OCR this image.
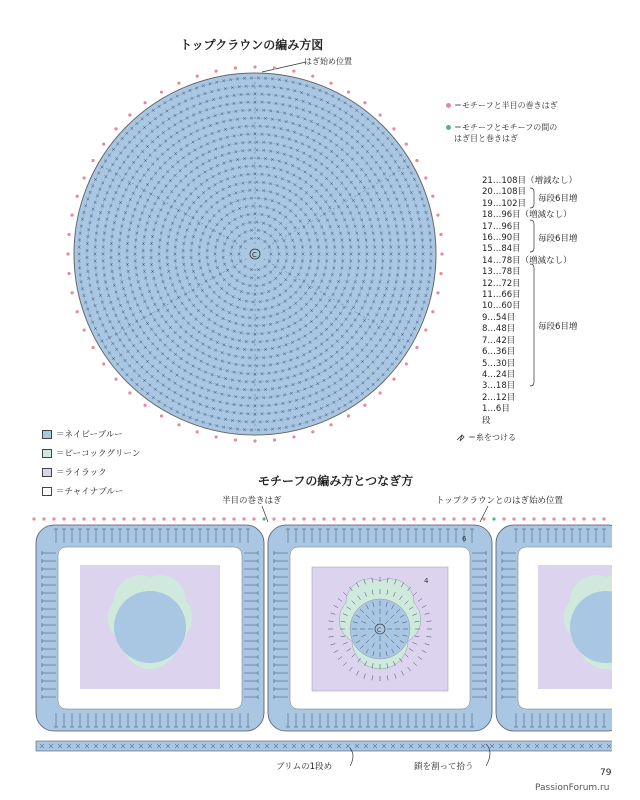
トップクラウンの編み方図
はぎ始め位置
C
＝モチーフと半目の巻きはぎ
＝モチーフとモチーフの間の
はぎ目と巻きはぎ
21…108目（増減なし）
20…108目
19…102目
18…96目（増減なし）
17…96目
16…90目
15…84目
14…78目（増減なし）
13…78目
12…72目
11…66目
10…60目
9…54目
8…48目
7…42目
6…36目
5…30目
4…24目
3…18目
2…12目
1…6目
段
毎段6目増
毎段6目増
毎段6目増
＝ネイビーブルー
＝ピーコックグリーン
＝ライラック
＝チャイナブルー
＝糸をつける
モチーフの編み方とつなぎ方
半目の巻きはぎ	トップクラウンとのはぎ始め位置
6
4
C
ブリムの1段め	鎖を割って拾う
79
PassionForum.ru
